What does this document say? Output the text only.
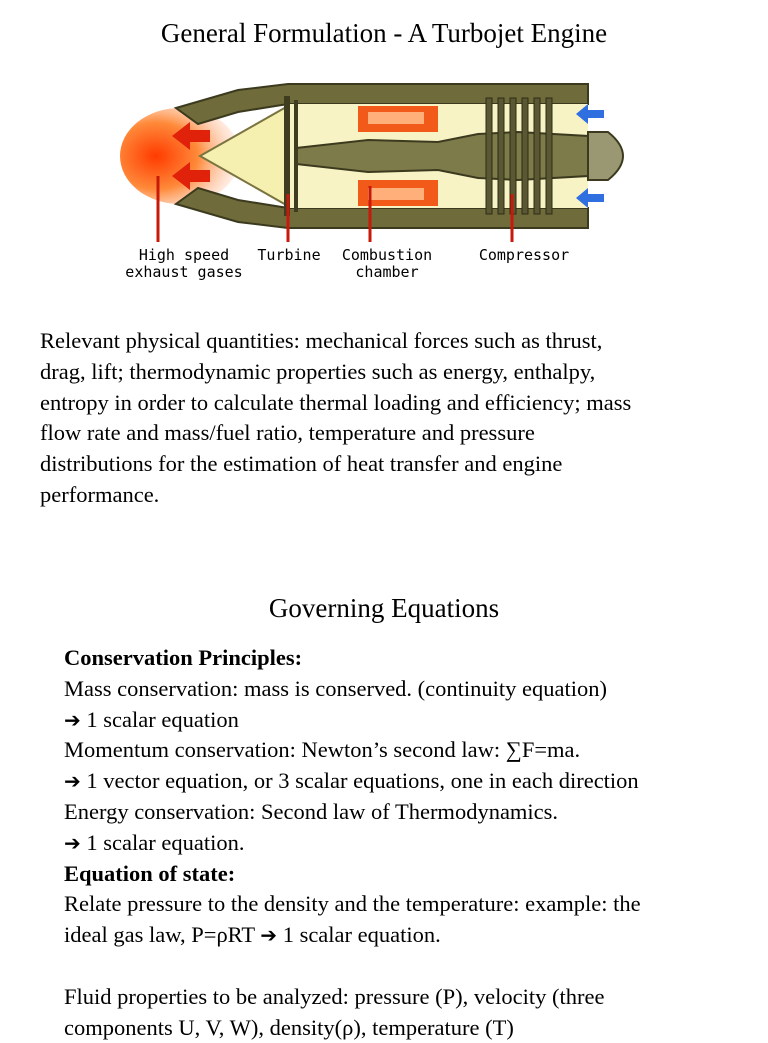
General Formulation - A Turbojet Engine
High speed
exhaust gases
Turbine Combustion
chamber
Compressor
Relevant physical quantities: mechanical forces such as thrust,
drag, lift; thermodynamic properties such as energy, enthalpy,
entropy in order to calculate thermal loading and efficiency; mass
flow rate and mass/fuel ratio, temperature and pressure
distributions for the estimation of heat transfer and engine
performance.
Governing Equations
Conservation Principles:
Mass conservation: mass is conserved. (continuity equation)
➔ 1 scalar equation
Momentum conservation: Newton’s second law: ∑F=ma.
➔ 1 vector equation, or 3 scalar equations, one in each direction
Energy conservation: Second law of Thermodynamics.
➔ 1 scalar equation.
Equation of state:
Relate pressure to the density and the temperature: example: the
ideal gas law, P=ρRT ➔ 1 scalar equation.
Fluid properties to be analyzed: pressure (P), velocity (three
components U, V, W), density(ρ), temperature (T)
